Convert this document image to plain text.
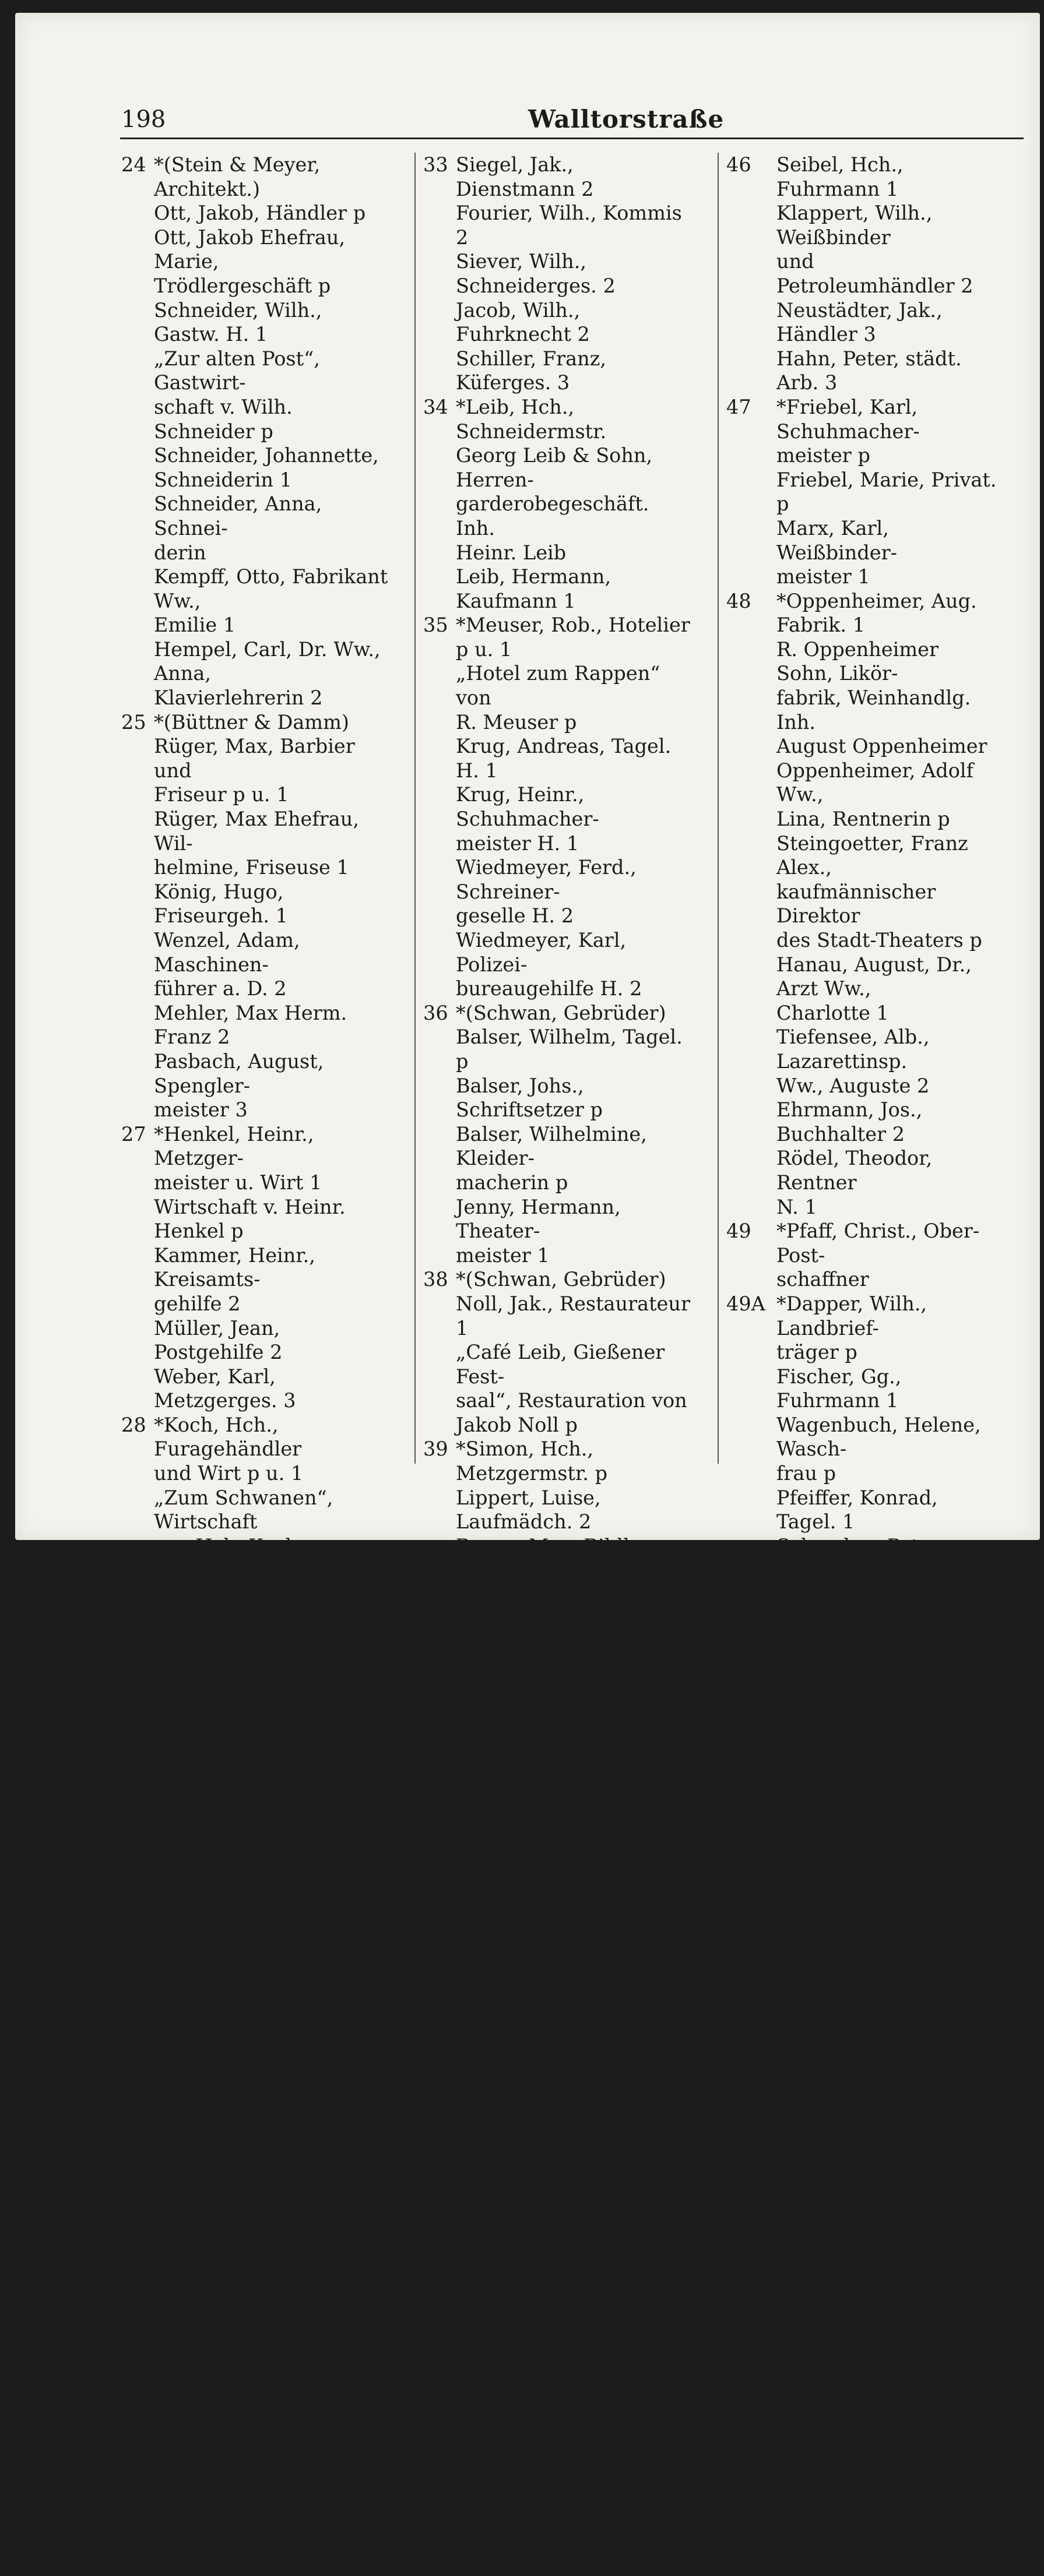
198	Walltorstraße
24 *(Stein & Meyer, Architekt.)
Ott, Jakob, Händler p
Ott, Jakob Ehefrau, Marie,
Trödlergeschäft p
Schneider, Wilh., Gastw. H. 1
„Zur alten Post“, Gastwirt-
schaft v. Wilh. Schneider p
Schneider, Johannette,
Schneiderin 1
Schneider, Anna, Schnei-
derin
Kempff, Otto, Fabrikant Ww.,
Emilie 1
Hempel, Carl, Dr. Ww., Anna,
Klavierlehrerin 2
25 *(Büttner & Damm)
Rüger, Max, Barbier und
Friseur p u. 1
Rüger, Max Ehefrau, Wil-
helmine, Friseuse 1
König, Hugo, Friseurgeh. 1
Wenzel, Adam, Maschinen-
führer a. D. 2
Mehler, Max Herm. Franz 2
Pasbach, August, Spengler-
meister 3
27 *Henkel, Heinr., Metzger-
meister u. Wirt 1
Wirtschaft v. Heinr. Henkel p
Kammer, Heinr., Kreisamts-
gehilfe 2
Müller, Jean, Postgehilfe 2
Weber, Karl, Metzgerges. 3
28 *Koch, Hch., Furagehändler
und Wirt p u. 1
„Zum Schwanen“, Wirtschaft
von Hch. Koch p
Hutmann, Wilh., Schneider-
geselle H. 1
29 *(Michel, Adolf, Rentner)
Michel, Aug., Kaufmann 1
Gebrüder Michel, Kolonial-,
Drogen-, Material- und
Farbwarenhandlung Inh.
August Michel p
Michel, Aug., Rentner 2
31 *Hahn, Johannes, Bäcker-
meister p u. 1
Krafthöfer, Just., Schlosser-
geselle 1
Strack, Heinr. Ww., Elisa-
beth, Lauffrau 2
Haack, Otto, Bäckerges. 2
32 *(Leib, Hch., Schneidermstr.)
Enders, Karl, Fuhrmann 1
Hofmann, Johs., Tagel. 2
Sturm, Joh., Sortiermstr. 2
33 *Euler, Georg, Küfermstr. u.
Wirt 1
Wirtschaft von Gg. Euler p
Seesemann, Gertrud, Schau-
spielerin 2
33 Siegel, Jak., Dienstmann 2
Fourier, Wilh., Kommis 2
Siever, Wilh., Schneiderges. 2
Jacob, Wilh., Fuhrknecht 2
Schiller, Franz, Küferges. 3
34 *Leib, Hch., Schneidermstr.
Georg Leib & Sohn, Herren-
garderobegeschäft. Inh.
Heinr. Leib
Leib, Hermann, Kaufmann 1
35 *Meuser, Rob., Hotelier p u. 1
„Hotel zum Rappen“ von
R. Meuser p
Krug, Andreas, Tagel. H. 1
Krug, Heinr., Schuhmacher-
meister H. 1
Wiedmeyer, Ferd., Schreiner-
geselle H. 2
Wiedmeyer, Karl, Polizei-
bureaugehilfe H. 2
36 *(Schwan, Gebrüder)
Balser, Wilhelm, Tagel. p
Balser, Johs., Schriftsetzer p
Balser, Wilhelmine, Kleider-
macherin p
Jenny, Hermann, Theater-
meister 1
38 *(Schwan, Gebrüder)
Noll, Jak., Restaurateur 1
„Café Leib, Gießener Fest-
saal“, Restauration von
Jakob Noll p
39 *Simon, Hch., Metzgermstr. p
Lippert, Luise, Laufmädch. 2
Braun, Max, Bildhauer 2
Büttner, Wilhelm, Maler-
gehilfe H. 1
41 *Lather, Heinr., Lohnkutscher
p u.
Lather, Heinr., Kutscher 1
43 *Rödiger, Rud., Spengler-
meister u. Installateur p u. 1
Größer, Ludw., Schneider
Ww., Elisabeth 2
Köllner, Karl, Arbeiter 2
44 *E. Friedberger Söhne,
Mühlenfabrikate. Inh.
Max und Moritz Fried-
berger p
Friedberger, Moritz, Groß-
händler 1
Wende, Bernh., Dr., Ober-
stabs- u. Regimentsarzt 2
45 *Dort, Eberh., Kaufmann 1
Eberhard Dort, Kolonial-
waren- und Delikatessen-
handlung p
Dittmar, Karl, Kutscher 2
46 *Wild, Edmund Wirt p
„Zum Seemannsheim“, Wirt-
schaft von Edm. Wild p
Koob, Karl, Tagel. 1
46	Seibel, Hch., Fuhrmann 1
Klappert, Wilh., Weißbinder
und Petroleumhändler 2
Neustädter, Jak., Händler 3
Hahn, Peter, städt. Arb. 3
47	*Friebel, Karl, Schuhmacher-
meister p
Friebel, Marie, Privat. p
Marx, Karl, Weißbinder-
meister 1
48	*Oppenheimer, Aug. Fabrik. 1
R. Oppenheimer Sohn, Likör-
fabrik, Weinhandlg. Inh.
August Oppenheimer
Oppenheimer, Adolf Ww.,
Lina, Rentnerin p
Steingoetter, Franz Alex.,
kaufmännischer Direktor
des Stadt-Theaters p
Hanau, August, Dr., Arzt Ww.,
Charlotte 1
Tiefensee, Alb., Lazarettinsp.
Ww., Auguste 2
Ehrmann, Jos., Buchhalter 2
Rödel, Theodor, Rentner
N. 1
49	*Pfaff, Christ., Ober-Post-
schaffner
49A *Dapper, Wilh., Landbrief-
träger p
Fischer, Gg., Fuhrmann 1
Wagenbuch, Helene, Wasch-
frau p
Pfeiffer, Konrad, Tagel. 1
Schomber, Peter, Tagel. 2
49B *Eduard Sack, Holz-
Trägereisen- und Bau-
materialienhandlung
51	*Schomber, Balth., Bäcker-
meister
Opper, Balthasar, Bäcker-
geselle 3
53	*Becker, Johs. Schmiede-
meister 1
Becker, Heinrich, Schmiede-
meister p
Becker, Herm., Kommis 1
Schmidt, Christian, Fabrik-
arbeiter 1
Haas, Heinr., Tagel. 2
Pimper, Karl Ww., Elise,
Näherin 2
Fink, Georg, Schneiderges. 2
Feick, Georg, Schmiedeges. 2
Pfeiffer, Wilh., Schmiedeges.
N. p
Hillgärtner, Ludw., Schmiede-
geselle H. p
Balser, Heinr., Fuhrmann
N. 1
57	*(Becker, Johs., Schmiede-
meister)
